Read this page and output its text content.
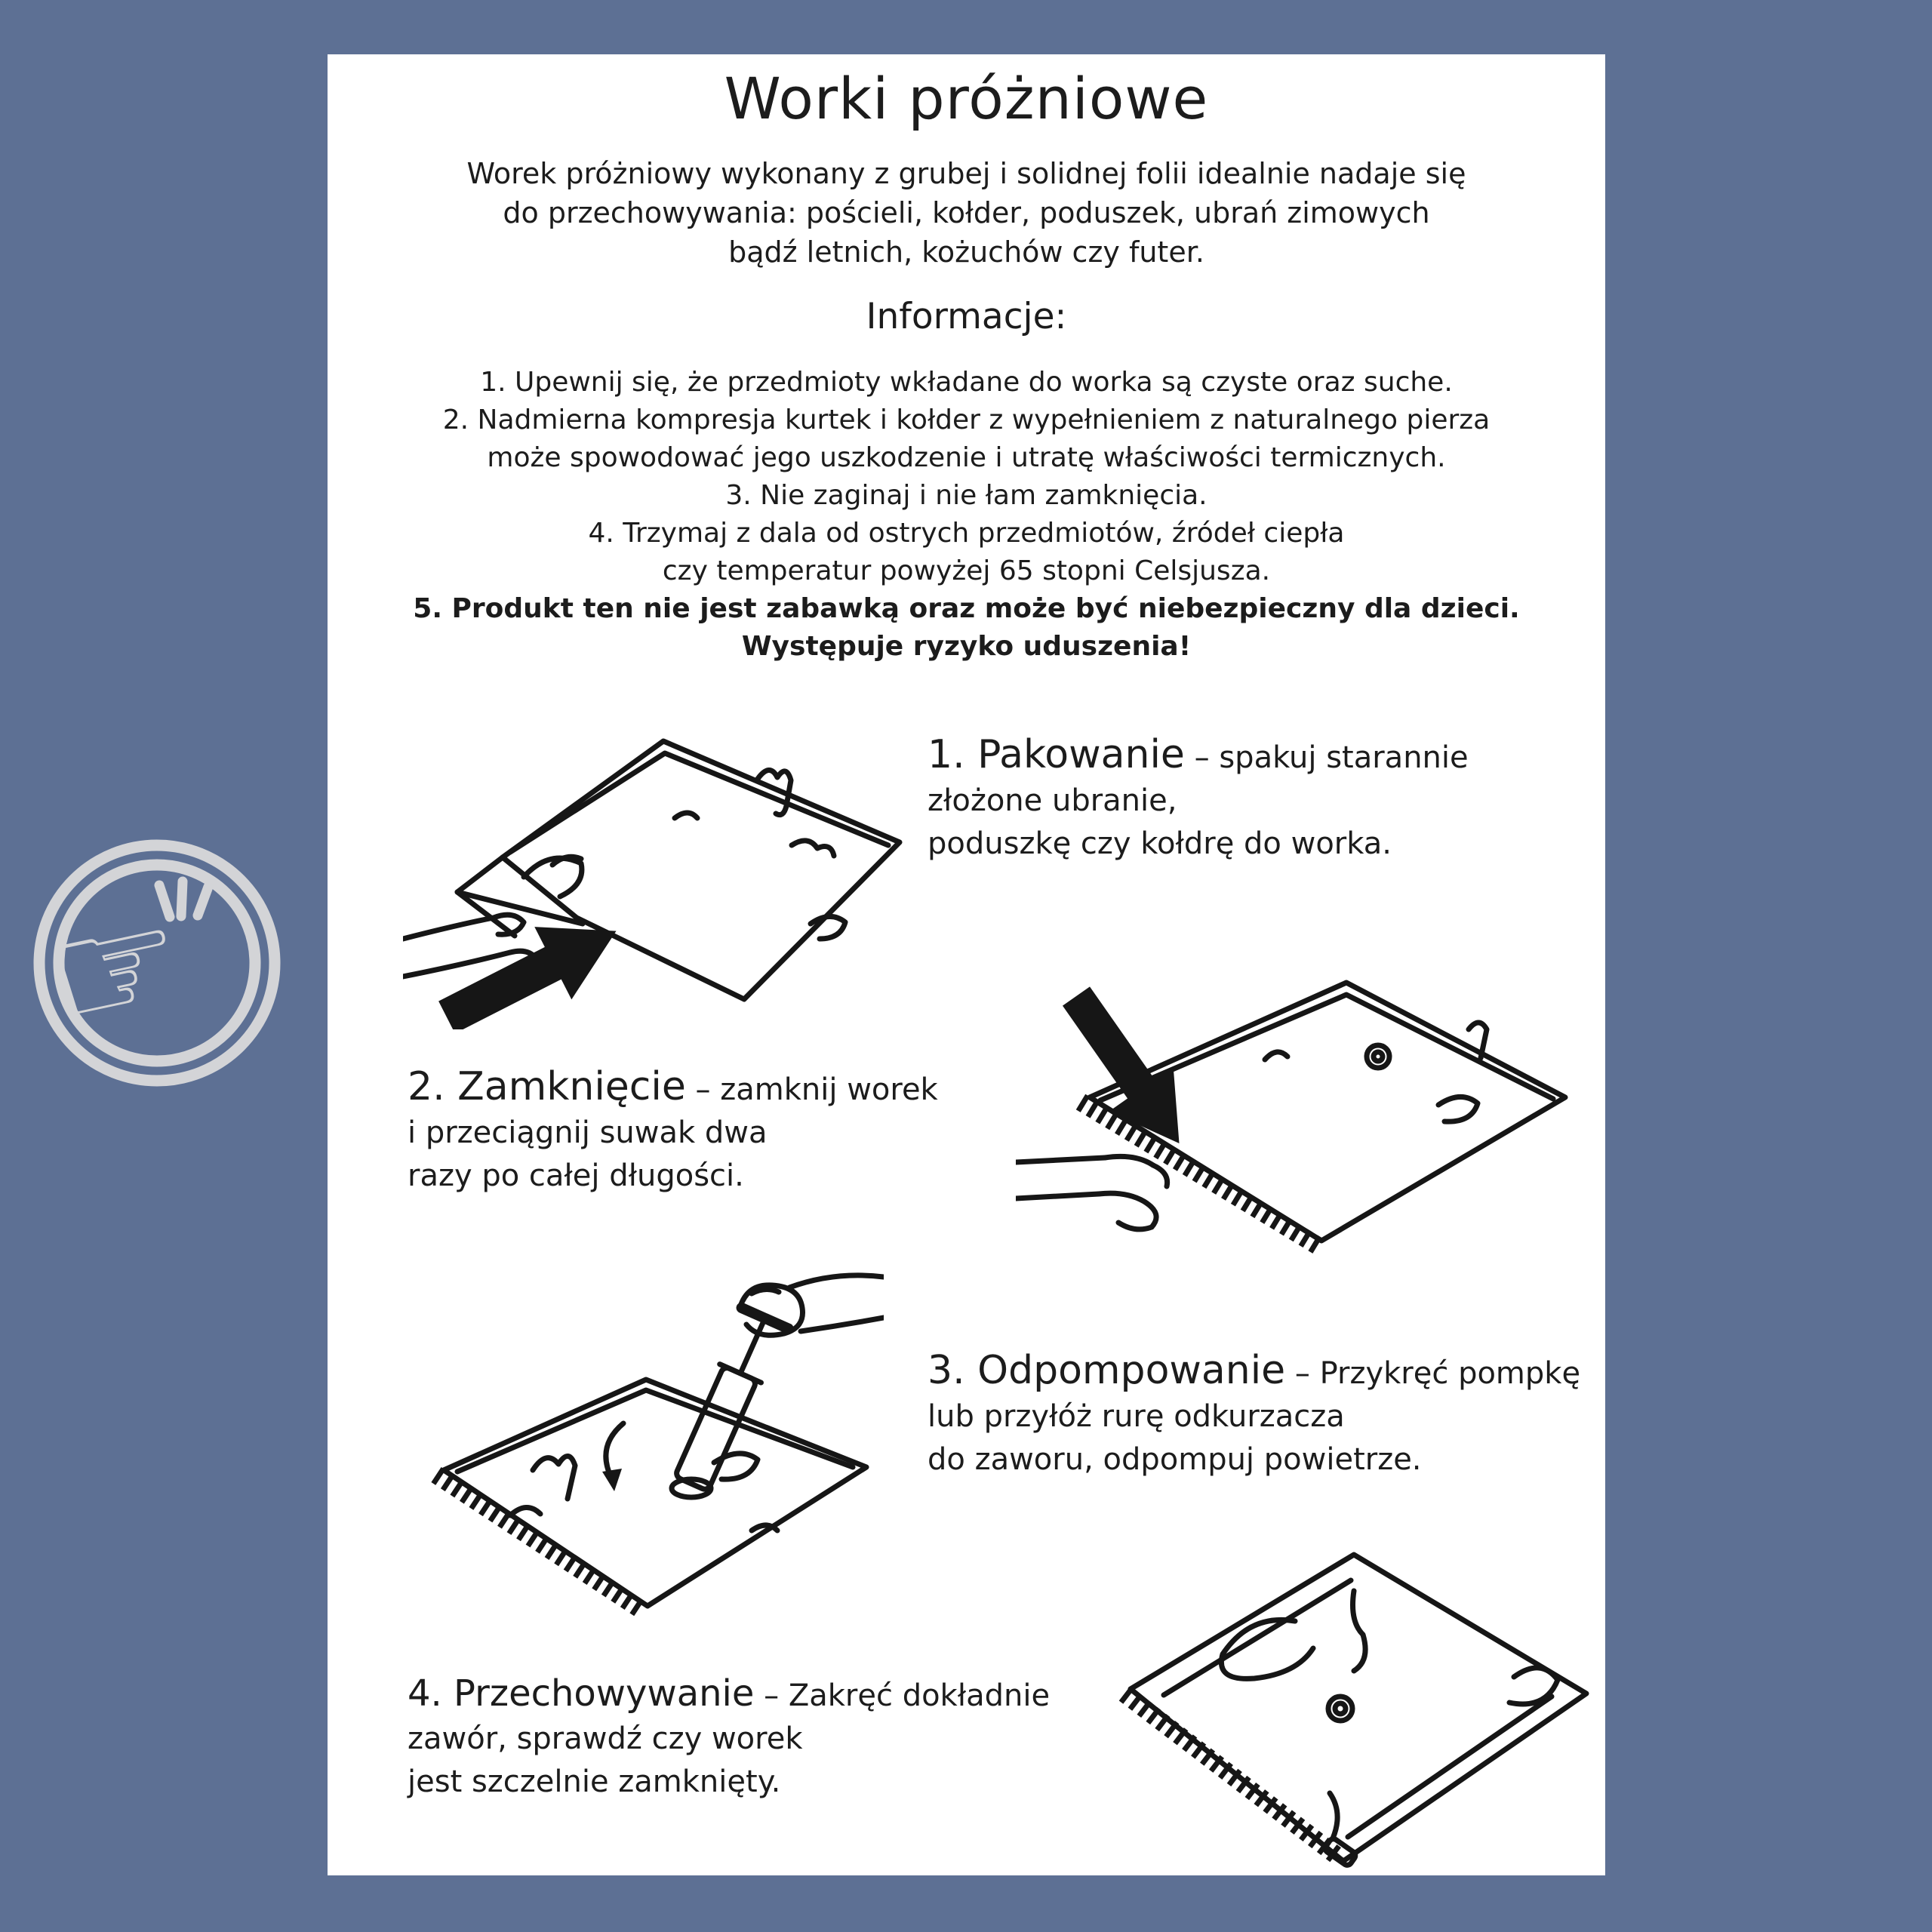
Worki próżniowe
Worek próżniowy wykonany z grubej i solidnej folii idealnie nadaje się
do przechowywania: pościeli, kołder, poduszek, ubrań zimowych
bądź letnich, kożuchów czy futer.
Informacje:
1. Upewnij się, że przedmioty wkładane do worka są czyste oraz suche.
2. Nadmierna kompresja kurtek i kołder z wypełnieniem z naturalnego pierza
może spowodować jego uszkodzenie i utratę właściwości termicznych.
3. Nie zaginaj i nie łam zamknięcia.
4. Trzymaj z dala od ostrych przedmiotów, źródeł ciepła
czy temperatur powyżej 65 stopni Celsjusza.
5. Produkt ten nie jest zabawką oraz może być niebezpieczny dla dzieci.
Występuje ryzyko uduszenia!
1. Pakowanie – spakuj starannie
złożone ubranie,
poduszkę czy kołdrę do worka.
2. Zamknięcie – zamknij worek
i przeciągnij suwak dwa
razy po całej długości.
3. Odpompowanie – Przykręć pompkę
lub przyłóż rurę odkurzacza
do zaworu, odpompuj powietrze.
4. Przechowywanie – Zakręć dokładnie
zawór, sprawdź czy worek
jest szczelnie zamknięty.
☞
